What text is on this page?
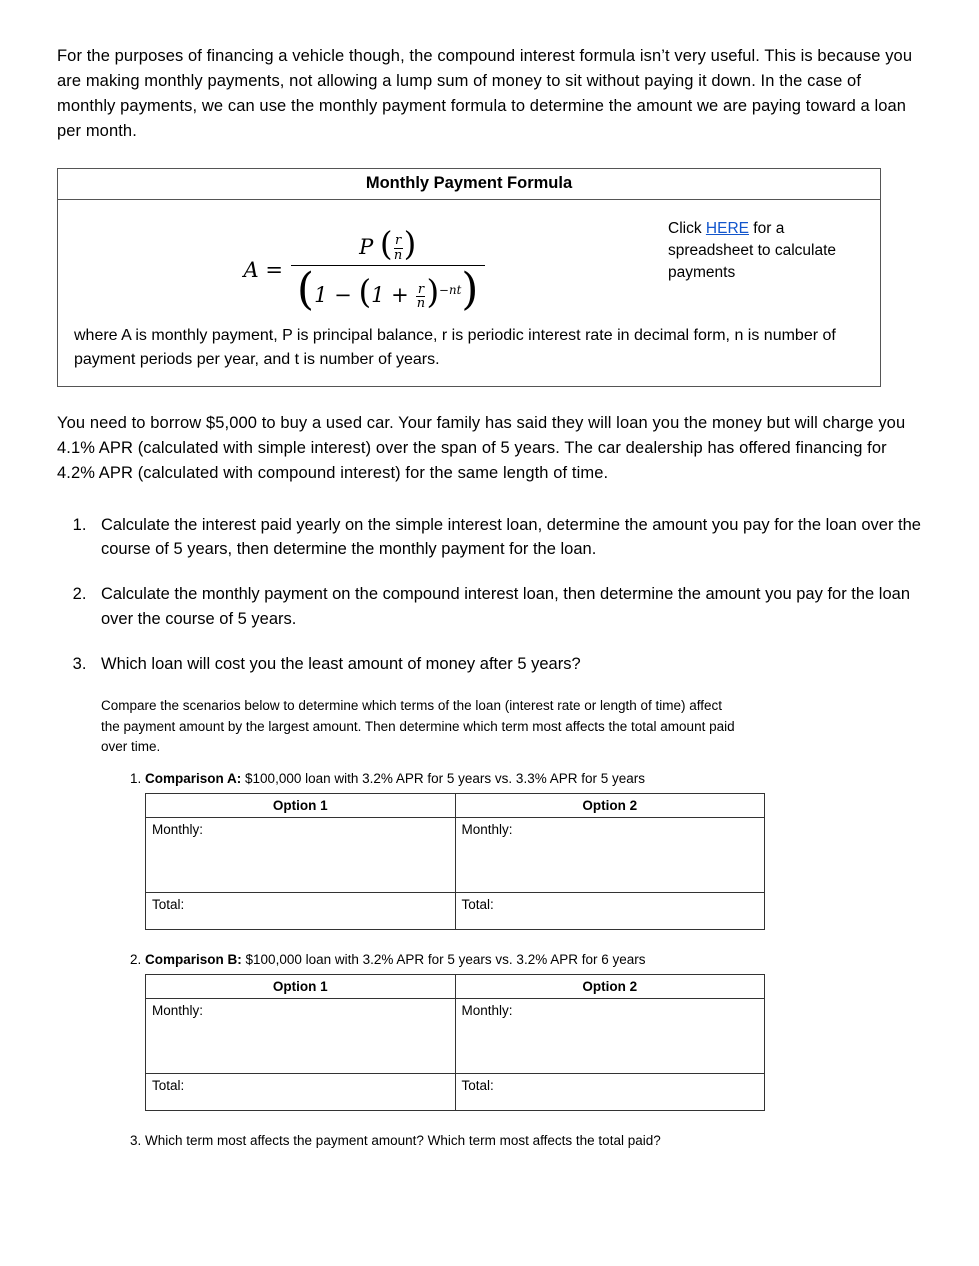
For the purposes of financing a vehicle though, the compound interest formula isn’t very useful. This is because you are making monthly payments, not allowing a lump sum of money to sit without paying it down. In the case of monthly payments, we can use the monthly payment formula to determine the amount we are paying toward a loan per month.

Monthly Payment Formula
$A = \frac{P ( \frac{r}{n} )}{(1 - (1 + \frac{r}{n} )^{-nt})}$
Click HERE for a spreadsheet to calculate payments
where A is monthly payment, P is principal balance, r is periodic interest rate in decimal form, n is number of payment periods per year, and t is number of years.

You need to borrow $5,000 to buy a used car. Your family has said they will loan you the money but will charge you 4.1% APR (calculated with simple interest) over the span of 5 years. The car dealership has offered financing for 4.2% APR (calculated with compound interest) for the same length of time.

1. Calculate the interest paid yearly on the simple interest loan, determine the amount you pay for the loan over the course of 5 years, then determine the monthly payment for the loan.
2. Calculate the monthly payment on the compound interest loan, then determine the amount you pay for the loan over the course of 5 years.
3. Which loan will cost you the least amount of money after 5 years?
Compare the scenarios below to determine which terms of the loan (interest rate or length of time) affect the payment amount by the largest amount. Then determine which term most affects the total amount paid over time.
1. Comparison A: $100,000 loan with 3.2% APR for 5 years vs. 3.3% APR for 5 years
Option 1	Option 2
Monthly:	Monthly:
Total:	Total:
2. Comparison B: $100,000 loan with 3.2% APR for 5 years vs. 3.2% APR for 6 years
Option 1	Option 2
Monthly:	Monthly:
Total:	Total:
3. Which term most affects the payment amount? Which term most affects the total paid?
